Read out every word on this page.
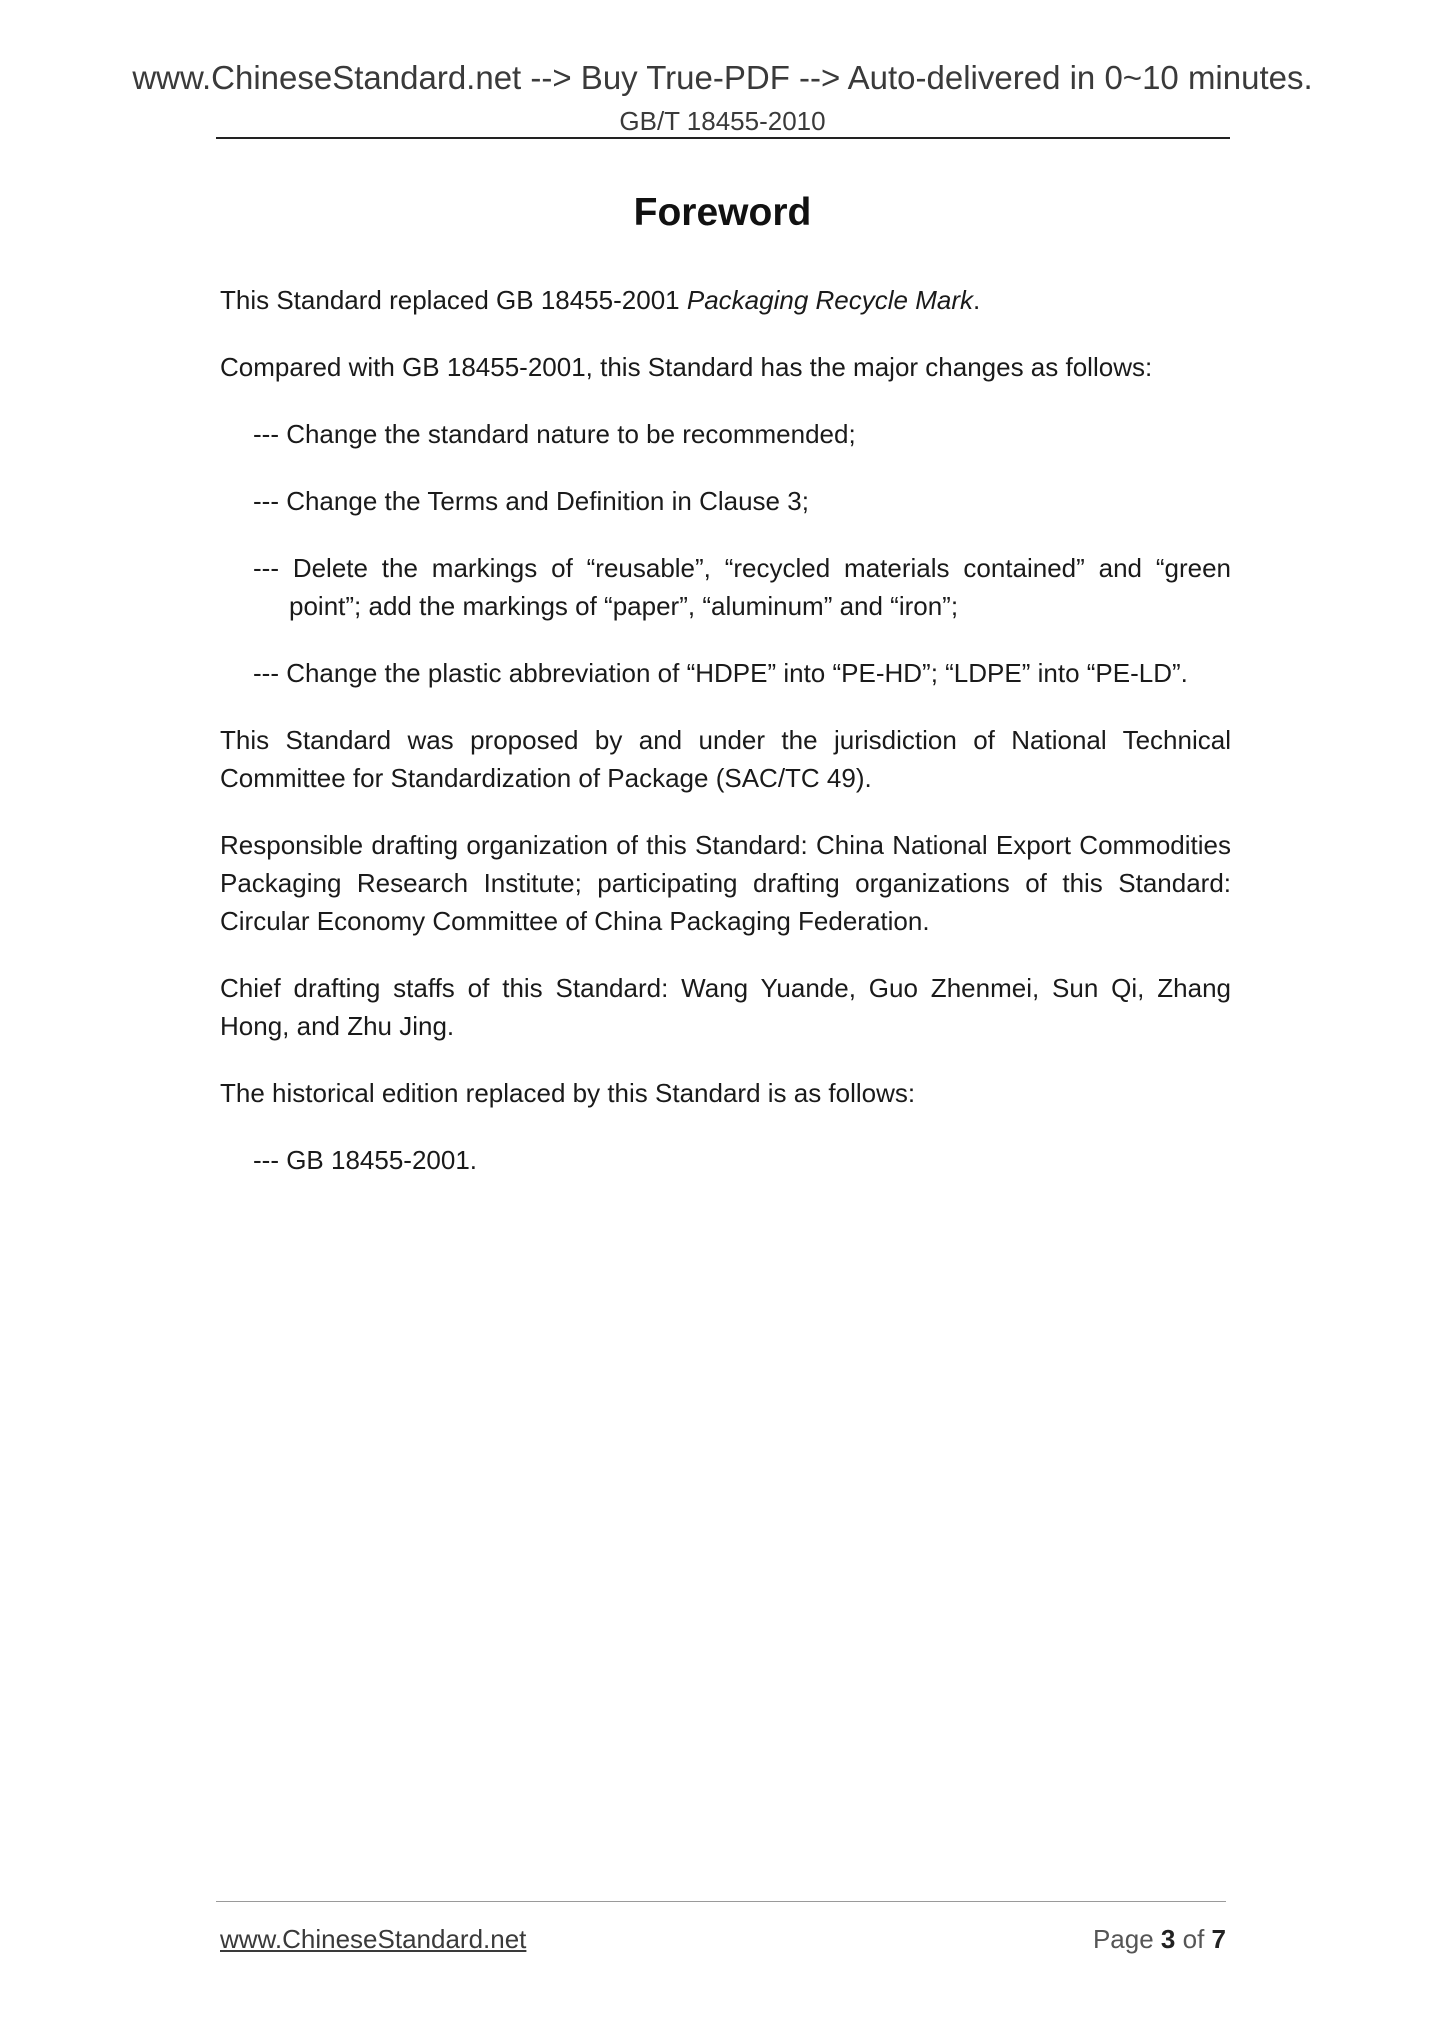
www.ChineseStandard.net --> Buy True-PDF --> Auto-delivered in 0~10 minutes.
GB/T 18455-2010
Foreword

This Standard replaced GB 18455-2001 Packaging Recycle Mark.

Compared with GB 18455-2001, this Standard has the major changes as follows:

--- Change the standard nature to be recommended;

--- Change the Terms and Definition in Clause 3;

--- Delete the markings of “reusable”, “recycled materials contained” and “green point”; add the markings of “paper”, “aluminum” and “iron”;

--- Change the plastic abbreviation of “HDPE” into “PE-HD”; “LDPE” into “PE-LD”.

This Standard was proposed by and under the jurisdiction of National Technical Committee for Standardization of Package (SAC/TC 49).

Responsible drafting organization of this Standard: China National Export Commodities Packaging Research Institute; participating drafting organizations of this Standard: Circular Economy Committee of China Packaging Federation.

Chief drafting staffs of this Standard: Wang Yuande, Guo Zhenmei, Sun Qi, Zhang Hong, and Zhu Jing.

The historical edition replaced by this Standard is as follows:

--- GB 18455-2001.

www.ChineseStandard.net	Page 3 of 7
